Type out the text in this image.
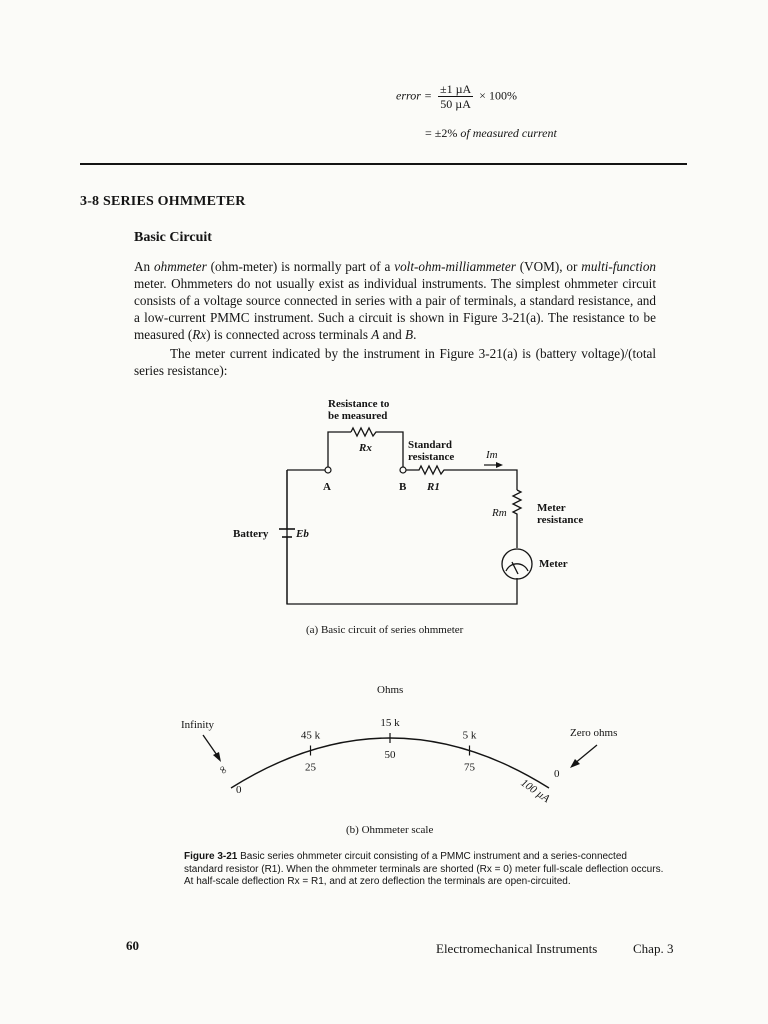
error = $\frac{\text{±1 µA}}{\text{50 µA}} \times 100\%$
= ±2% of measured current
3-8 SERIES OHMMETER
Basic Circuit
An ohmmeter (ohm-meter) is normally part of a volt-ohm-milliammeter (VOM), or multi-function meter. Ohmmeters do not usually exist as individual instruments. The simplest ohmmeter circuit consists of a voltage source connected in series with a pair of terminals, a standard resistance, and a low-current PMMC instrument. Such a circuit is shown in Figure 3-21(a). The resistance to be measured (Rx) is connected across terminals A and B.
The meter current indicated by the instrument in Figure 3-21(a) is (battery voltage)/(total series resistance):
Resistance to
be measured
Rx	Standard
resistance	Im
A	B R1
Rm	Meter
resistance
Battery	Eb
Meter
(a) Basic circuit of series ohmmeter
15 k
45 k	5 k
25
50
75
Ohms
Infinity
Zero ohms
∞
0
0
100 µA
(b) Ohmmeter scale
Figure 3-21 Basic series ohmmeter circuit consisting of a PMMC instrument and a series-connected standard resistor (R1). When the ohmmeter terminals are shorted (Rx = 0) meter full-scale deflection occurs. At half-scale deflection Rx = R1, and at zero deflection the terminals are open-circuited.
60	Electromechanical Instruments	Chap. 3
